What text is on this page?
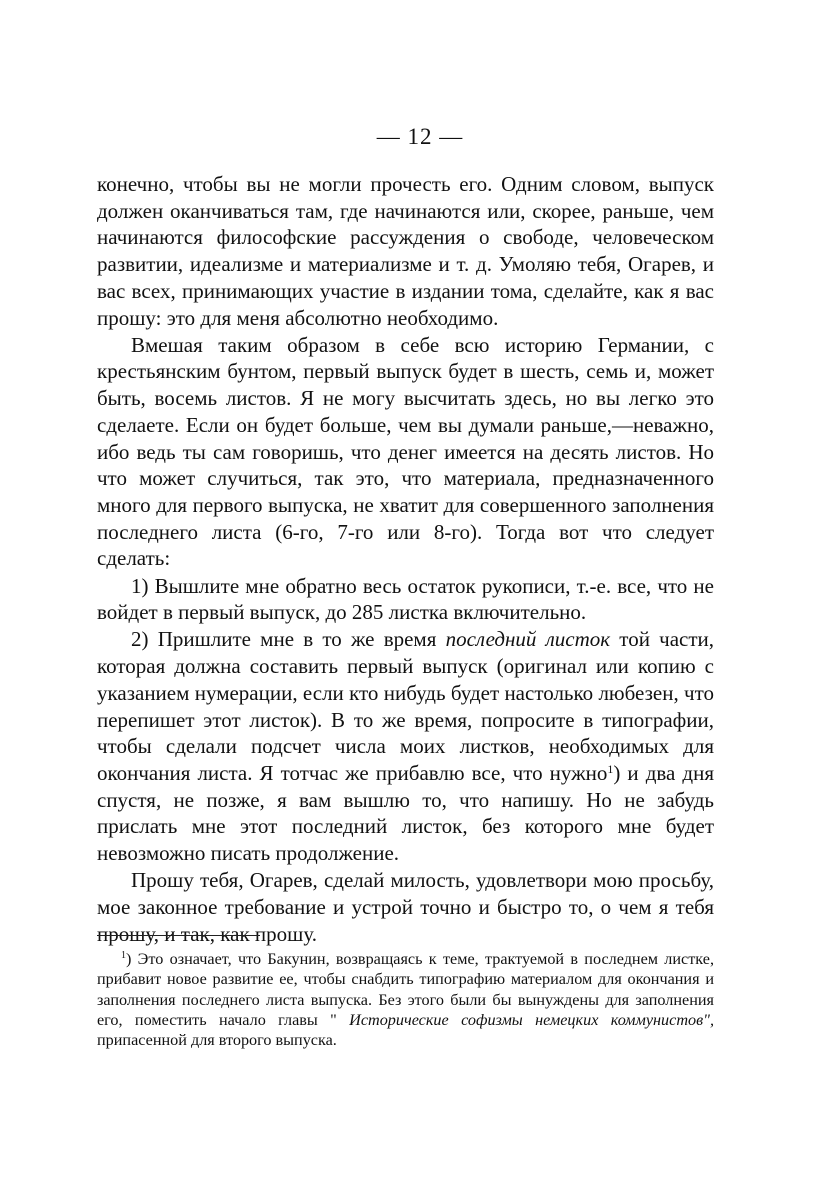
— 12 —

конечно, чтобы вы не могли прочесть его. Одним словом, выпуск должен оканчиваться там, где начинаются или, скорее, раньше, чем начинаются философские рассуждения о свободе, человеческом развитии, идеализме и материализме и т. д. Умоляю тебя, Огарев, и вас всех, принимающих участие в издании тома, сделайте, как я вас прошу: это для меня абсолютно необходимо.

Вмешая таким образом в себе всю историю Германии, с крестьянским бунтом, первый выпуск будет в шесть, семь и, может быть, восемь листов. Я не могу высчитать здесь, но вы легко это сделаете. Если он будет больше, чем вы думали раньше,—неважно, ибо ведь ты сам говоришь, что денег имеется на десять листов. Но что может случиться, так это, что материала, предназначенного много для первого выпуска, не хватит для совершенного заполнения последнего листа (6-го, 7-го или 8-го). Тогда вот что следует сделать:

1) Вышлите мне обратно весь остаток рукописи, т.-е. все, что не войдет в первый выпуск, до 285 листка включительно.

2) Пришлите мне в то же время последний листок той части, которая должна составить первый выпуск (оригинал или копию с указанием нумерации, если кто нибудь будет настолько любезен, что перепишет этот листок). В то же время, попросите в типографии, чтобы сделали подсчет числа моих листков, необходимых для окончания листа. Я тотчас же прибавлю все, что нужно$^1$) и два дня спустя, не позже, я вам вышлю то, что напишу. Но не забудь прислать мне этот последний листок, без которого мне будет невозможно писать продолжение.

Прошу тебя, Огарев, сделай милость, удовлетвори мою просьбу, мое законное требование и устрой точно и быстро то, о чем я тебя прошу, и так, как прошу.

$^1$) Это означает, что Бакунин, возвращаясь к теме, трактуемой в последнем листке, прибавит новое развитие ее, чтобы снабдить типографию материалом для окончания и заполнения последнего листа выпуска. Без этого были бы вынуждены для заполнения его, поместить начало главы " Исторические софизмы немецких коммунистов", припасенной для второго выпуска.
